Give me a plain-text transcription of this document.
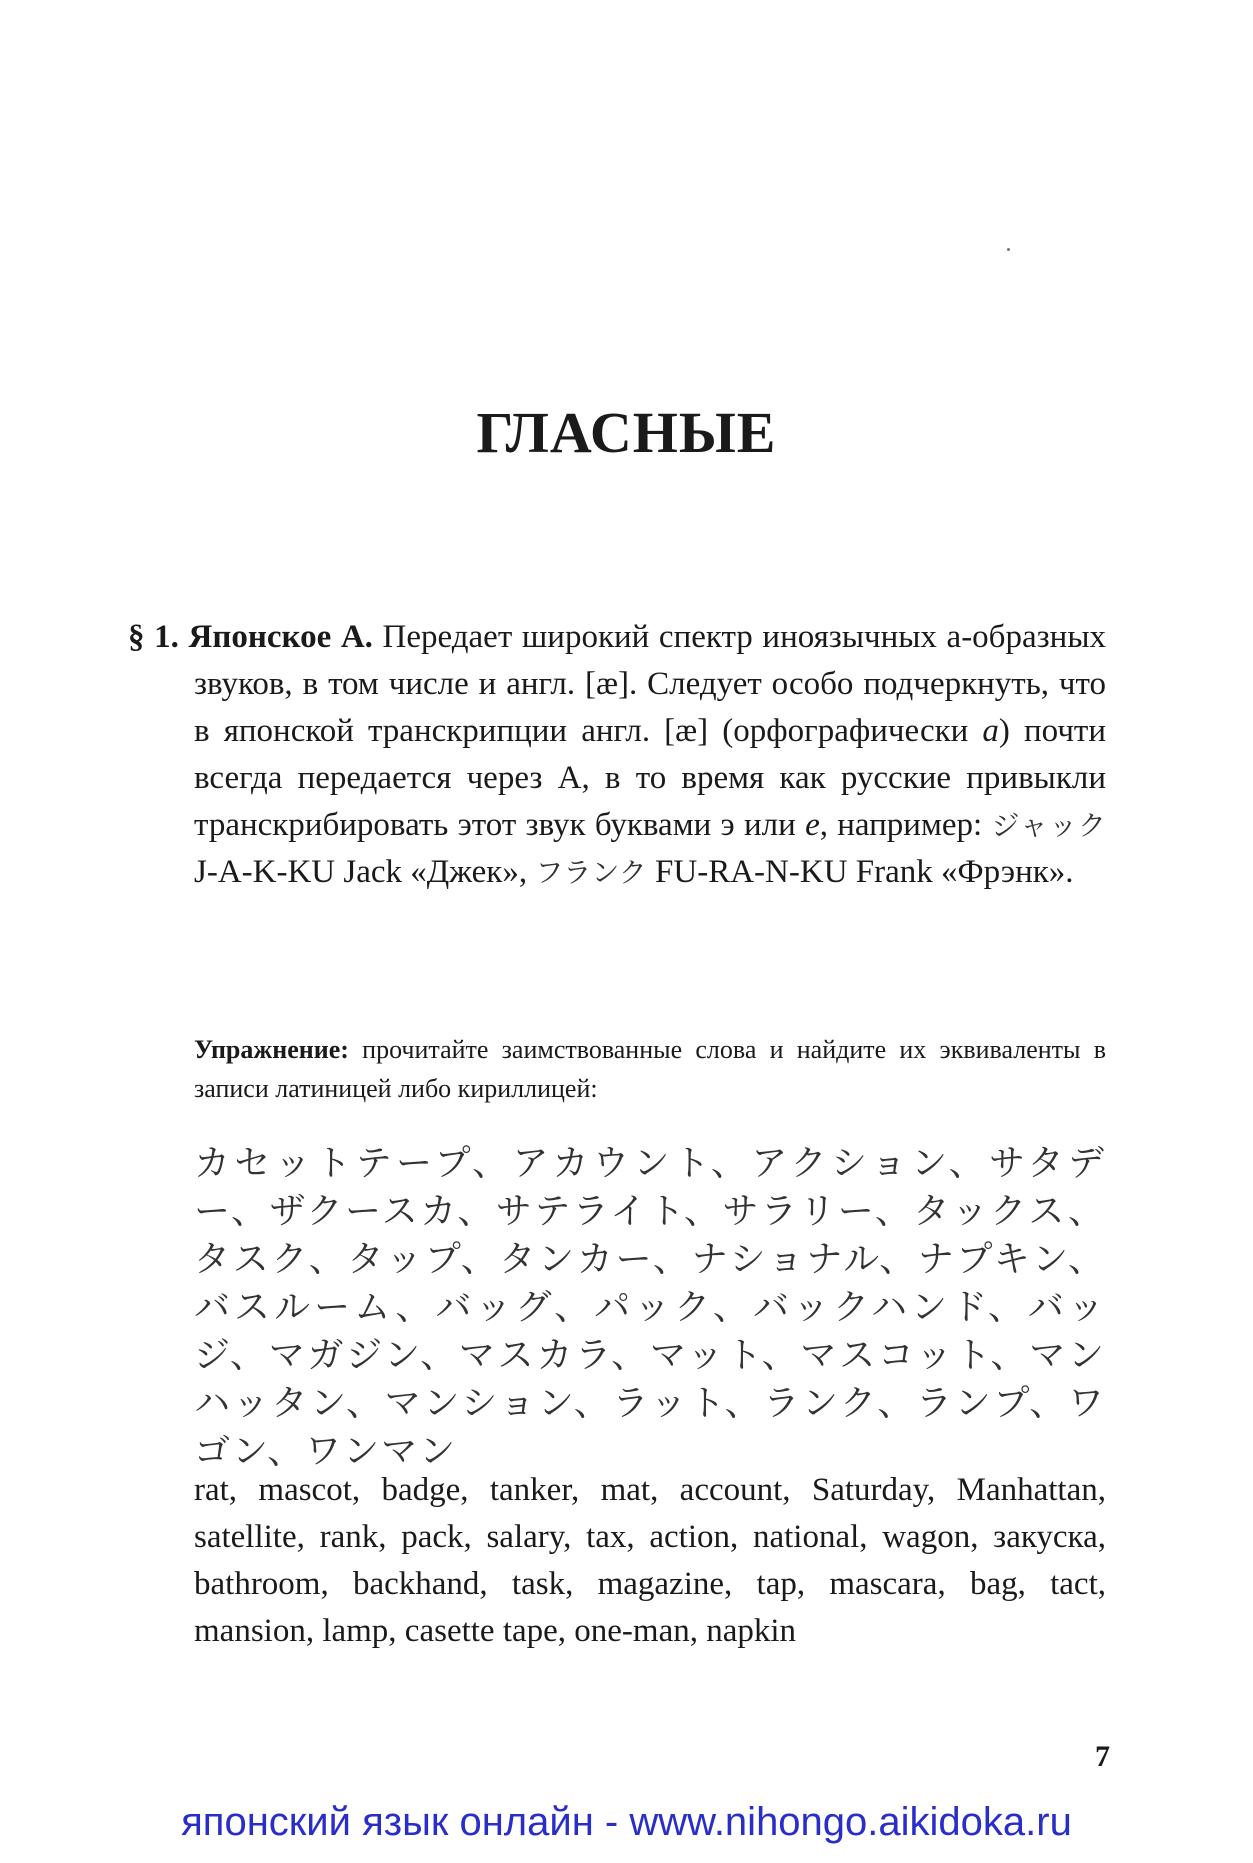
ГЛАСНЫЕ

§ 1. Японское А. Передает широкий спектр иноязычных а-образных звуков, в том числе и англ. [æ]. Следует особо подчеркнуть, что в японской транскрипции англ. [æ] (орфографически а) почти всегда передается через А, в то время как русские привыкли транскрибировать этот звук буквами э или е, например: ジャック J-A-K-KU Jack «Джек», フランク FU-RA-N-KU Frank «Фрэнк».

Упражнение: прочитайте заимствованные слова и найдите их эквиваленты в записи латиницей либо кириллицей:

カセットテープ、アカウント、アクション、サタデー、ザクースカ、サテライト、サラリー、タックス、タスク、タップ、タンカー、ナショナル、ナプキン、バスルーム、バッグ、パック、バックハンド、バッジ、マガジン、マスカラ、マット、マスコット、マンハッタン、マンション、ラット、ランク、ランプ、ワゴン、ワンマン

rat, mascot, badge, tanker, mat, account, Saturday, Manhattan, satellite, rank, pack, salary, tax, action, national, wagon, закуска, bathroom, backhand, task, magazine, tap, mascara, bag, tact, mansion, lamp, casette tape, one-man, napkin

7
японский язык онлайн - www.nihongo.aikidoka.ru
